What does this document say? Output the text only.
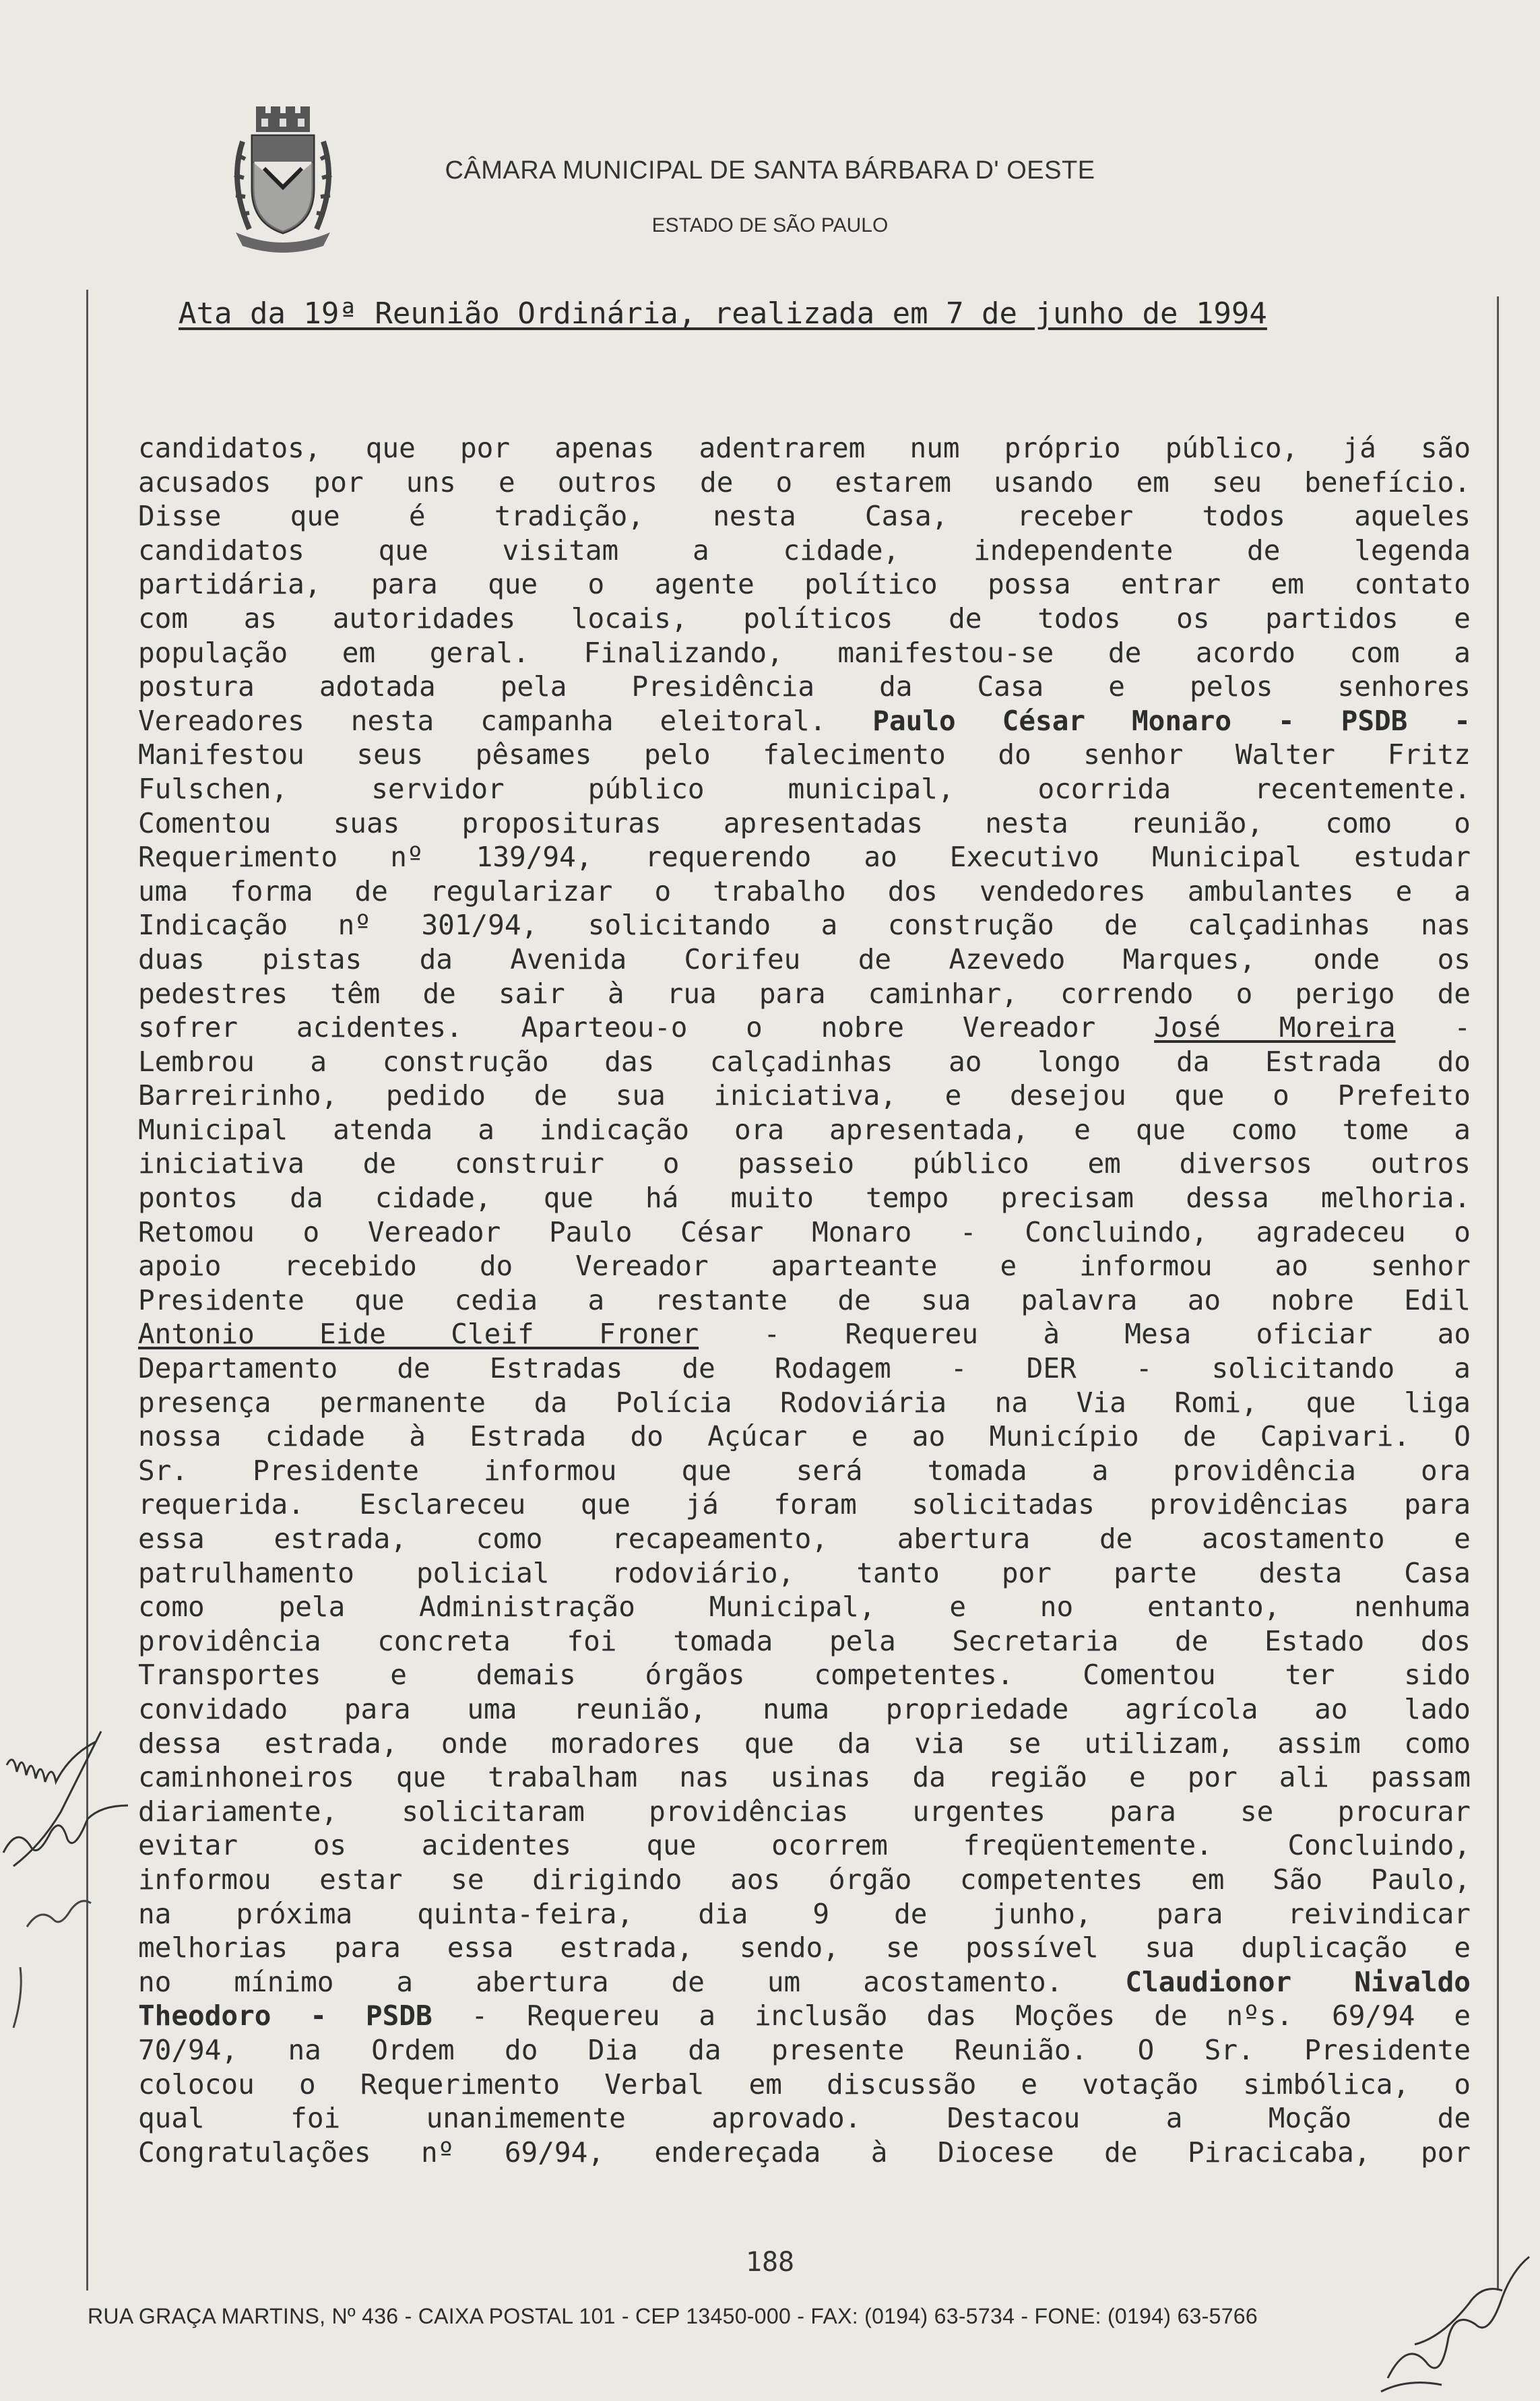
CÂMARA MUNICIPAL DE SANTA BÁRBARA D' OESTE
ESTADO DE SÃO PAULO
Ata da 19ª Reunião Ordinária, realizada em 7 de junho de 1994
candidatos, que por apenas adentrarem num próprio público, já são
acusados por uns e outros de o estarem usando em seu benefício.
Disse que é tradição, nesta Casa, receber todos aqueles
candidatos que visitam a cidade, independente de legenda
partidária, para que o agente político possa entrar em contato
com as autoridades locais, políticos de todos os partidos e
população em geral. Finalizando, manifestou-se de acordo com a
postura adotada pela Presidência da Casa e pelos senhores
Vereadores nesta campanha eleitoral. Paulo César Monaro - PSDB -
Manifestou seus pêsames pelo falecimento do senhor Walter Fritz
Fulschen, servidor público municipal, ocorrida recentemente.
Comentou suas proposituras apresentadas nesta reunião, como o
Requerimento nº 139/94, requerendo ao Executivo Municipal estudar
uma forma de regularizar o trabalho dos vendedores ambulantes e a
Indicação nº 301/94, solicitando a construção de calçadinhas nas
duas pistas da Avenida Corifeu de Azevedo Marques, onde os
pedestres têm de sair à rua para caminhar, correndo o perigo de
sofrer acidentes. Aparteou-o o nobre Vereador José Moreira -
Lembrou a construção das calçadinhas ao longo da Estrada do
Barreirinho, pedido de sua iniciativa, e desejou que o Prefeito
Municipal atenda a indicação ora apresentada, e que como tome a
iniciativa de construir o passeio público em diversos outros
pontos da cidade, que há muito tempo precisam dessa melhoria.
Retomou o Vereador Paulo César Monaro - Concluindo, agradeceu o
apoio recebido do Vereador aparteante e informou ao senhor
Presidente que cedia a restante de sua palavra ao nobre Edil
Antonio Eide Cleif Froner - Requereu à Mesa oficiar ao
Departamento de Estradas de Rodagem - DER - solicitando a
presença permanente da Polícia Rodoviária na Via Romi, que liga
nossa cidade à Estrada do Açúcar e ao Município de Capivari. O
Sr. Presidente informou que será tomada a providência ora
requerida. Esclareceu que já foram solicitadas providências para
essa estrada, como recapeamento, abertura de acostamento e
patrulhamento policial rodoviário, tanto por parte desta Casa
como pela Administração Municipal, e no entanto, nenhuma
providência concreta foi tomada pela Secretaria de Estado dos
Transportes e demais órgãos competentes. Comentou ter sido
convidado para uma reunião, numa propriedade agrícola ao lado
dessa estrada, onde moradores que da via se utilizam, assim como
caminhoneiros que trabalham nas usinas da região e por ali passam
diariamente, solicitaram providências urgentes para se procurar
evitar os acidentes que ocorrem freqüentemente. Concluindo,
informou estar se dirigindo aos órgão competentes em São Paulo,
na próxima quinta-feira, dia 9 de junho, para reivindicar
melhorias para essa estrada, sendo, se possível sua duplicação e
no mínimo a abertura de um acostamento. Claudionor Nivaldo
Theodoro - PSDB - Requereu a inclusão das Moções de nºs. 69/94 e
70/94, na Ordem do Dia da presente Reunião. O Sr. Presidente
colocou o Requerimento Verbal em discussão e votação simbólica, o
qual foi unanimemente aprovado. Destacou a Moção de
Congratulações nº 69/94, endereçada à Diocese de Piracicaba, por
188
RUA GRAÇA MARTINS, Nº 436 - CAIXA POSTAL 101 - CEP 13450-000 - FAX: (0194) 63-5734 - FONE: (0194) 63-5766
